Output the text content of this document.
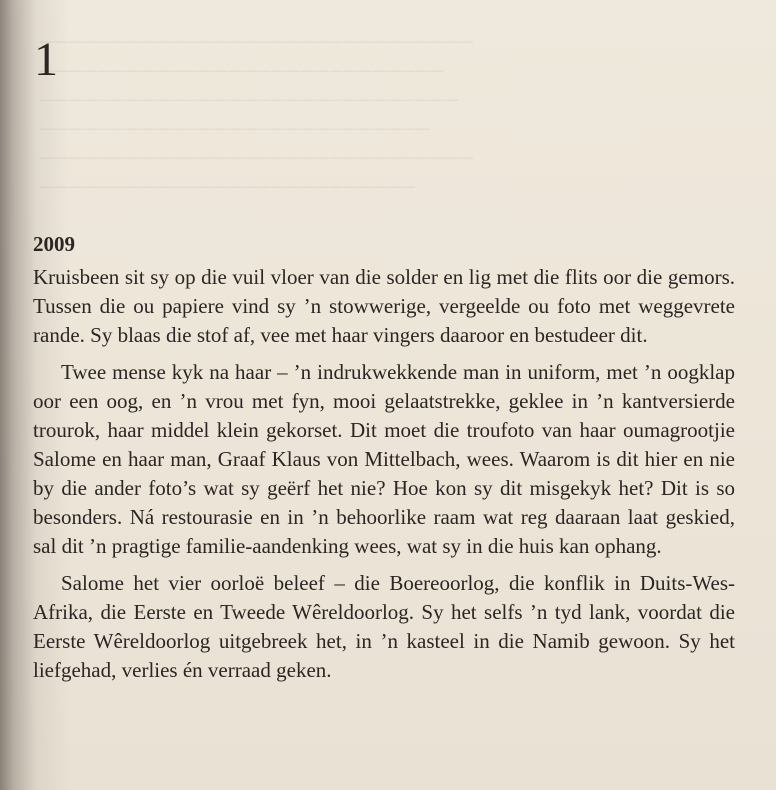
──────────────────────────────
────────────────────────────
─────────────────────────────
───────────────────────────
──────────────────────────────
──────────────────────────
1
2009

Kruisbeen sit sy op die vuil vloer van die solder en lig met die flits oor die gemors. Tussen die ou papiere vind sy ’n stowwerige, vergeelde ou foto met weggevrete rande. Sy blaas die stof af, vee met haar vingers daaroor en bestudeer dit.

Twee mense kyk na haar – ’n indrukwekkende man in uniform, met ’n oogklap oor een oog, en ’n vrou met fyn, mooi gelaatstrekke, geklee in ’n kantversierde trourok, haar middel klein gekorset. Dit moet die troufoto van haar oumagrootjie Salome en haar man, Graaf Klaus von Mittelbach, wees. Waarom is dit hier en nie by die ander foto’s wat sy geërf het nie? Hoe kon sy dit misgekyk het? Dit is so besonders. Ná restourasie en in ’n behoorlike raam wat reg daaraan laat geskied, sal dit ’n pragtige familie-aandenking wees, wat sy in die huis kan ophang.

Salome het vier oorloë beleef – die Boereoorlog, die konflik in Duits-Wes-Afrika, die Eerste en Tweede Wêreldoorlog. Sy het selfs ’n tyd lank, voordat die Eerste Wêreldoorlog uitgebreek het, in ’n kasteel in die Namib gewoon. Sy het liefgehad, verlies én verraad geken.
